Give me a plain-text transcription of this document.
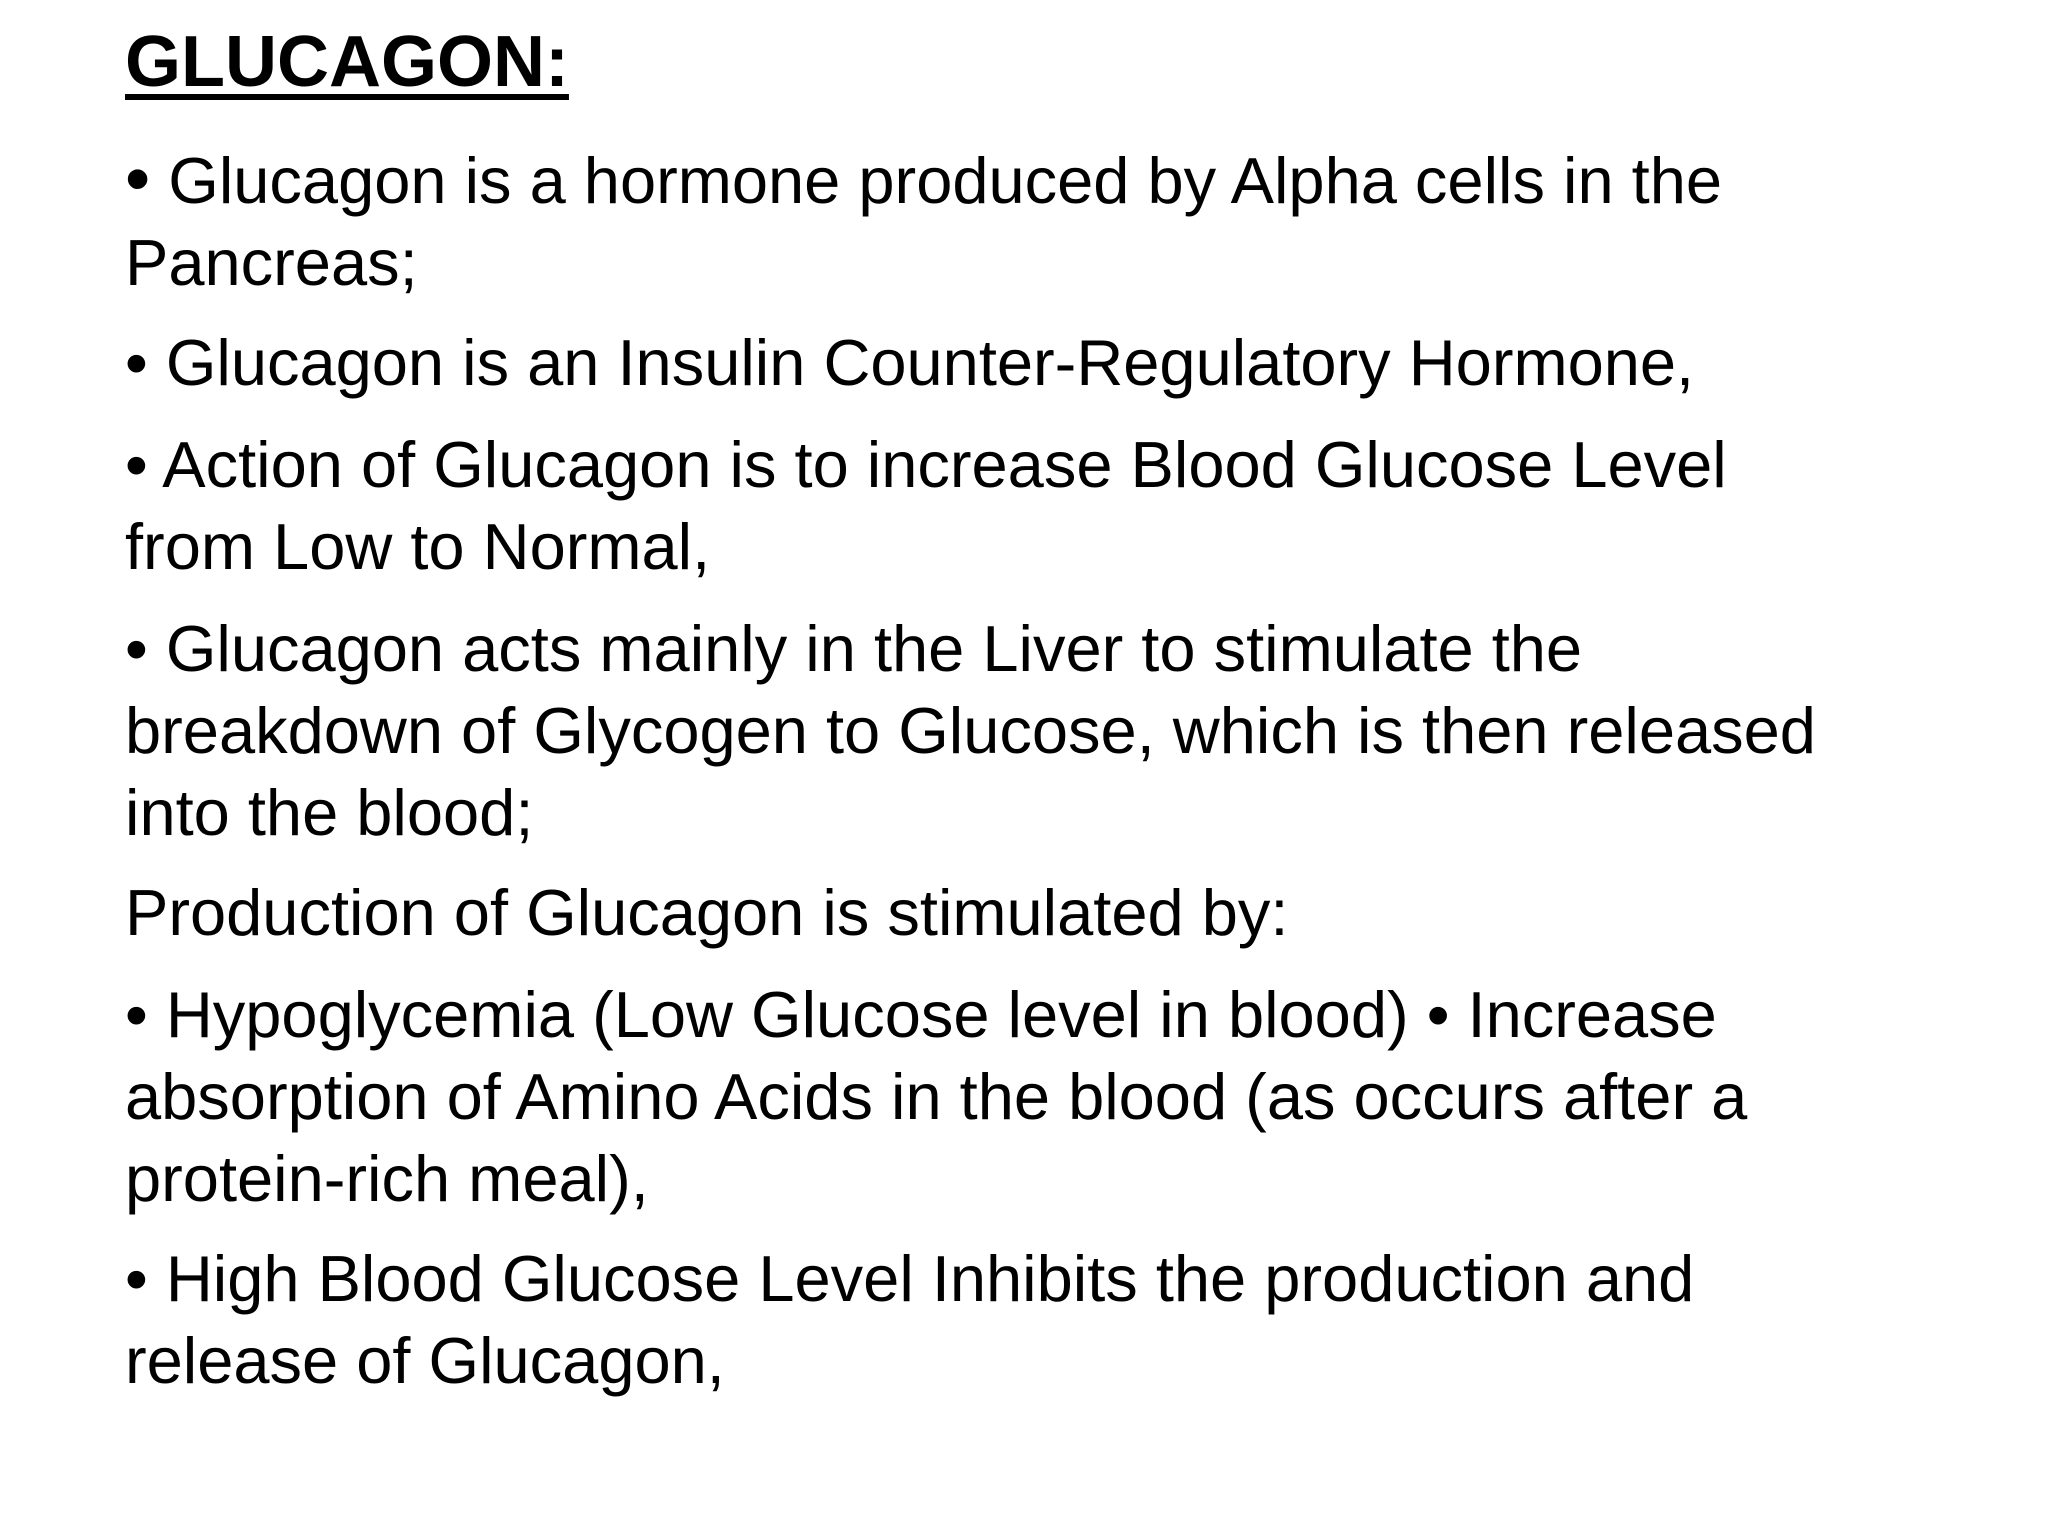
GLUCAGON:

• Glucagon is a hormone produced by Alpha cells in the
Pancreas;

• Glucagon is an Insulin Counter-Regulatory Hormone,

• Action of Glucagon is to increase Blood Glucose Level
from Low to Normal,

• Glucagon acts mainly in the Liver to stimulate the
breakdown of Glycogen to Glucose, which is then released
into the blood;

Production of Glucagon is stimulated by:

• Hypoglycemia (Low Glucose level in blood) • Increase
absorption of Amino Acids in the blood (as occurs after a
protein-rich meal),

• High Blood Glucose Level Inhibits the production and
release of Glucagon,
